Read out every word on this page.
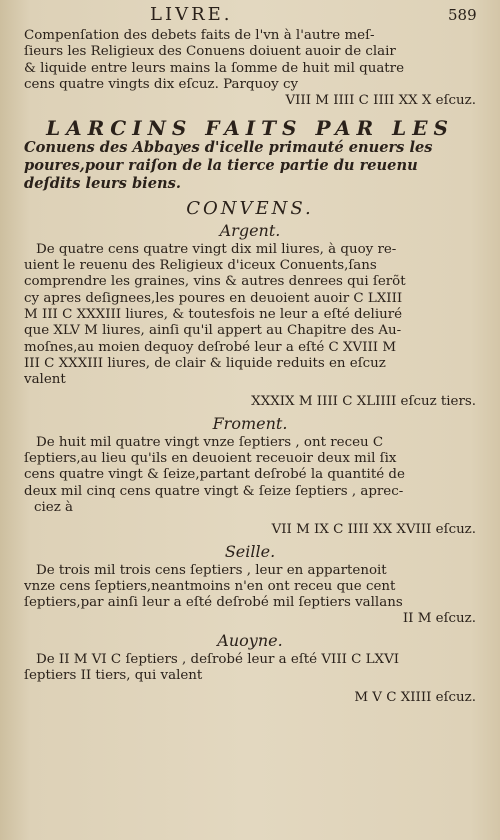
LIVRE.	589
Compenſation des debets faits de l'vn à l'autre meſ-
ſieurs les Religieux des Conuens doiuent auoir de clair
& liquide entre leurs mains la ſomme de huit mil quatre
cens quatre vingts dix eſcuz. Parquoy cy
VIII M IIII C IIII XX X eſcuz.
LARCINS FAITS PAR LES
Conuens des Abbayes d'icelle primauté enuers les
poures,pour raiſon de la tierce partie du reuenu
deſdits leurs biens.
CONVENS.
Argent.
De quatre cens quatre vingt dix mil liures, à quoy re-
uient le reuenu des Religieux d'iceux Conuents,ſans
comprendre les graines, vins & autres denrees qui ſerõt
cy apres deſignees,les poures en deuoient auoir C LXIII
M III C XXXIII liures, & toutesfois ne leur a eſté deliuré
que XLV M liures, ainſi qu'il appert au Chapitre des Au-
moſnes,au moien dequoy deſrobé leur a eſté C XVIII M
III C XXXIII liures, de clair & liquide reduits en eſcuz
valent
XXXIX M IIII C XLIIII eſcuz tiers.
Froment.
De huit mil quatre vingt vnze ſeptiers , ont receu C
ſeptiers,au lieu qu'ils en deuoient receuoir deux mil ſix
cens quatre vingt & ſeize,partant deſrobé la quantité de
deux mil cinq cens quatre vingt & ſeize ſeptiers , aprec-
ciez à
VII M IX C IIII XX XVIII eſcuz.
Seille.
De trois mil trois cens ſeptiers , leur en appartenoit
vnze cens ſeptiers,neantmoins n'en ont receu que cent
ſeptiers,par ainſi leur a eſté deſrobé mil ſeptiers vallans
II M eſcuz.
Auoyne.
De II M VI C ſeptiers , deſrobé leur a eſté VIII C LXVI
ſeptiers II tiers, qui valent
M V C XIIII eſcuz.
